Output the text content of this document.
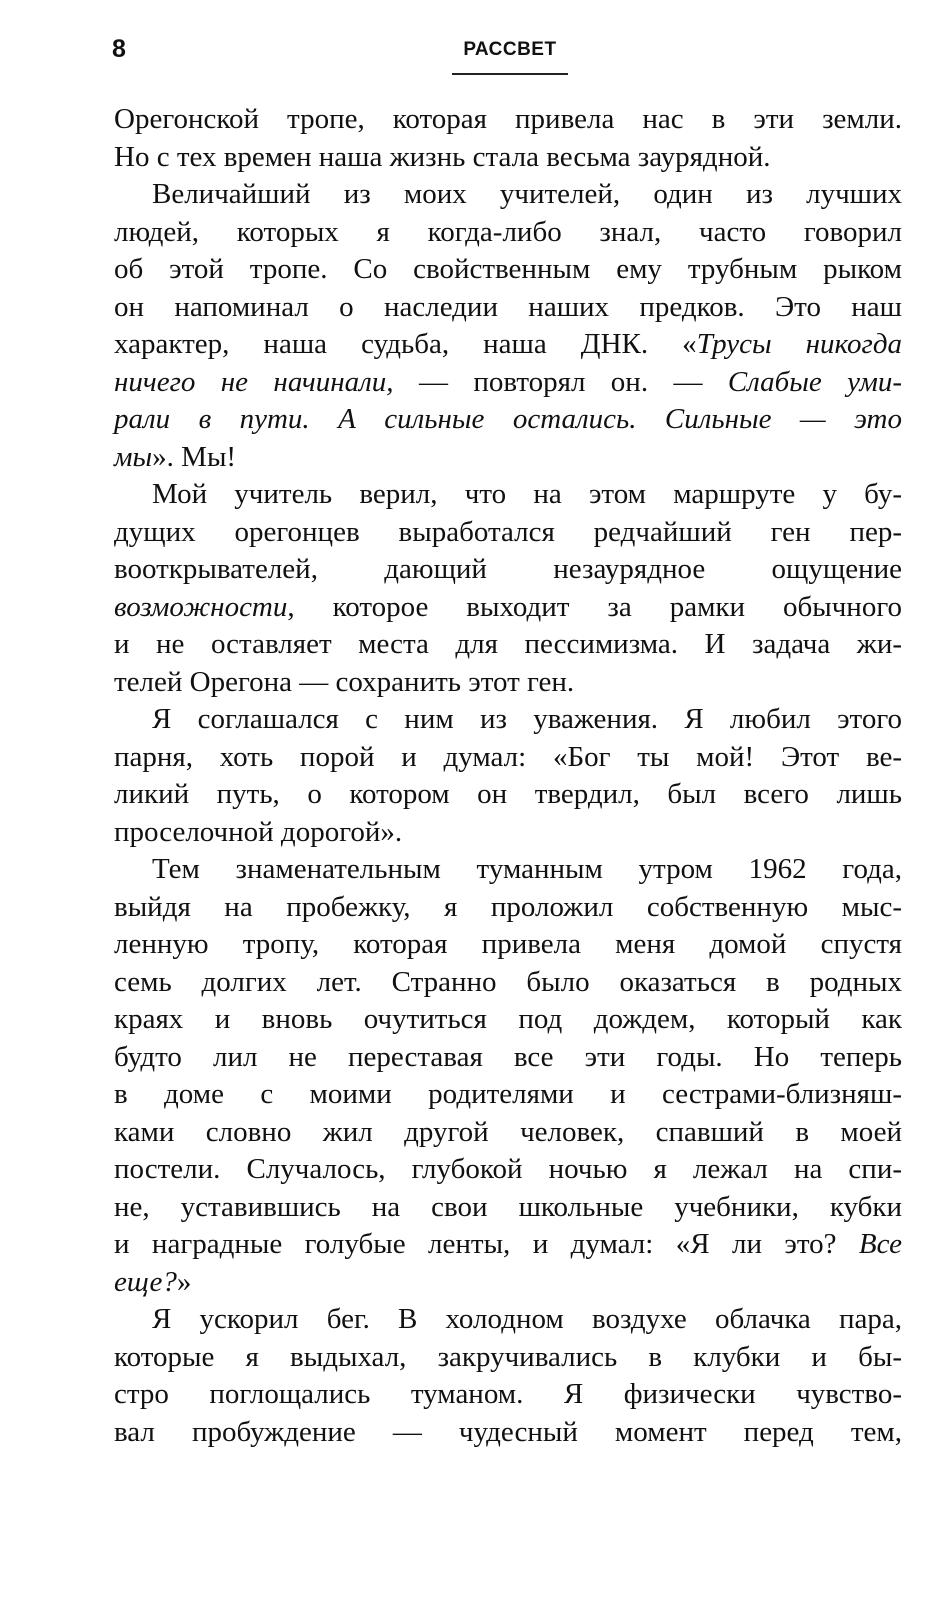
8	РАССВЕТ

Орегонской тропе, которая привела нас в эти земли.
Но с тех времен наша жизнь стала весьма заурядной.

Величайший из моих учителей, один из лучших
людей, которых я когда-либо знал, часто говорил
об этой тропе. Со свойственным ему трубным рыком
он напоминал о наследии наших предков. Это наш
характер, наша судьба, наша ДНК. «Трусы никогда
ничего не начинали, — повторял он. — Слабые уми-
рали в пути. А сильные остались. Сильные — это
мы». Мы!

Мой учитель верил, что на этом маршруте у бу-
дущих орегонцев выработался редчайший ген пер-
вооткрывателей, дающий незаурядное ощущение
возможности, которое выходит за рамки обычного
и не оставляет места для пессимизма. И задача жи-
телей Орегона — сохранить этот ген.

Я соглашался с ним из уважения. Я любил этого
парня, хоть порой и думал: «Бог ты мой! Этот ве-
ликий путь, о котором он твердил, был всего лишь
проселочной дорогой».

Тем знаменательным туманным утром 1962 года,
выйдя на пробежку, я проложил собственную мыс-
ленную тропу, которая привела меня домой спустя
семь долгих лет. Странно было оказаться в родных
краях и вновь очутиться под дождем, который как
будто лил не переставая все эти годы. Но теперь
в доме с моими родителями и сестрами-близняш-
ками словно жил другой человек, спавший в моей
постели. Случалось, глубокой ночью я лежал на спи-
не, уставившись на свои школьные учебники, кубки
и наградные голубые ленты, и думал: «Я ли это? Все
еще?»

Я ускорил бег. В холодном воздухе облачка пара,
которые я выдыхал, закручивались в клубки и бы-
стро поглощались туманом. Я физически чувство-
вал пробуждение — чудесный момент перед тем,
